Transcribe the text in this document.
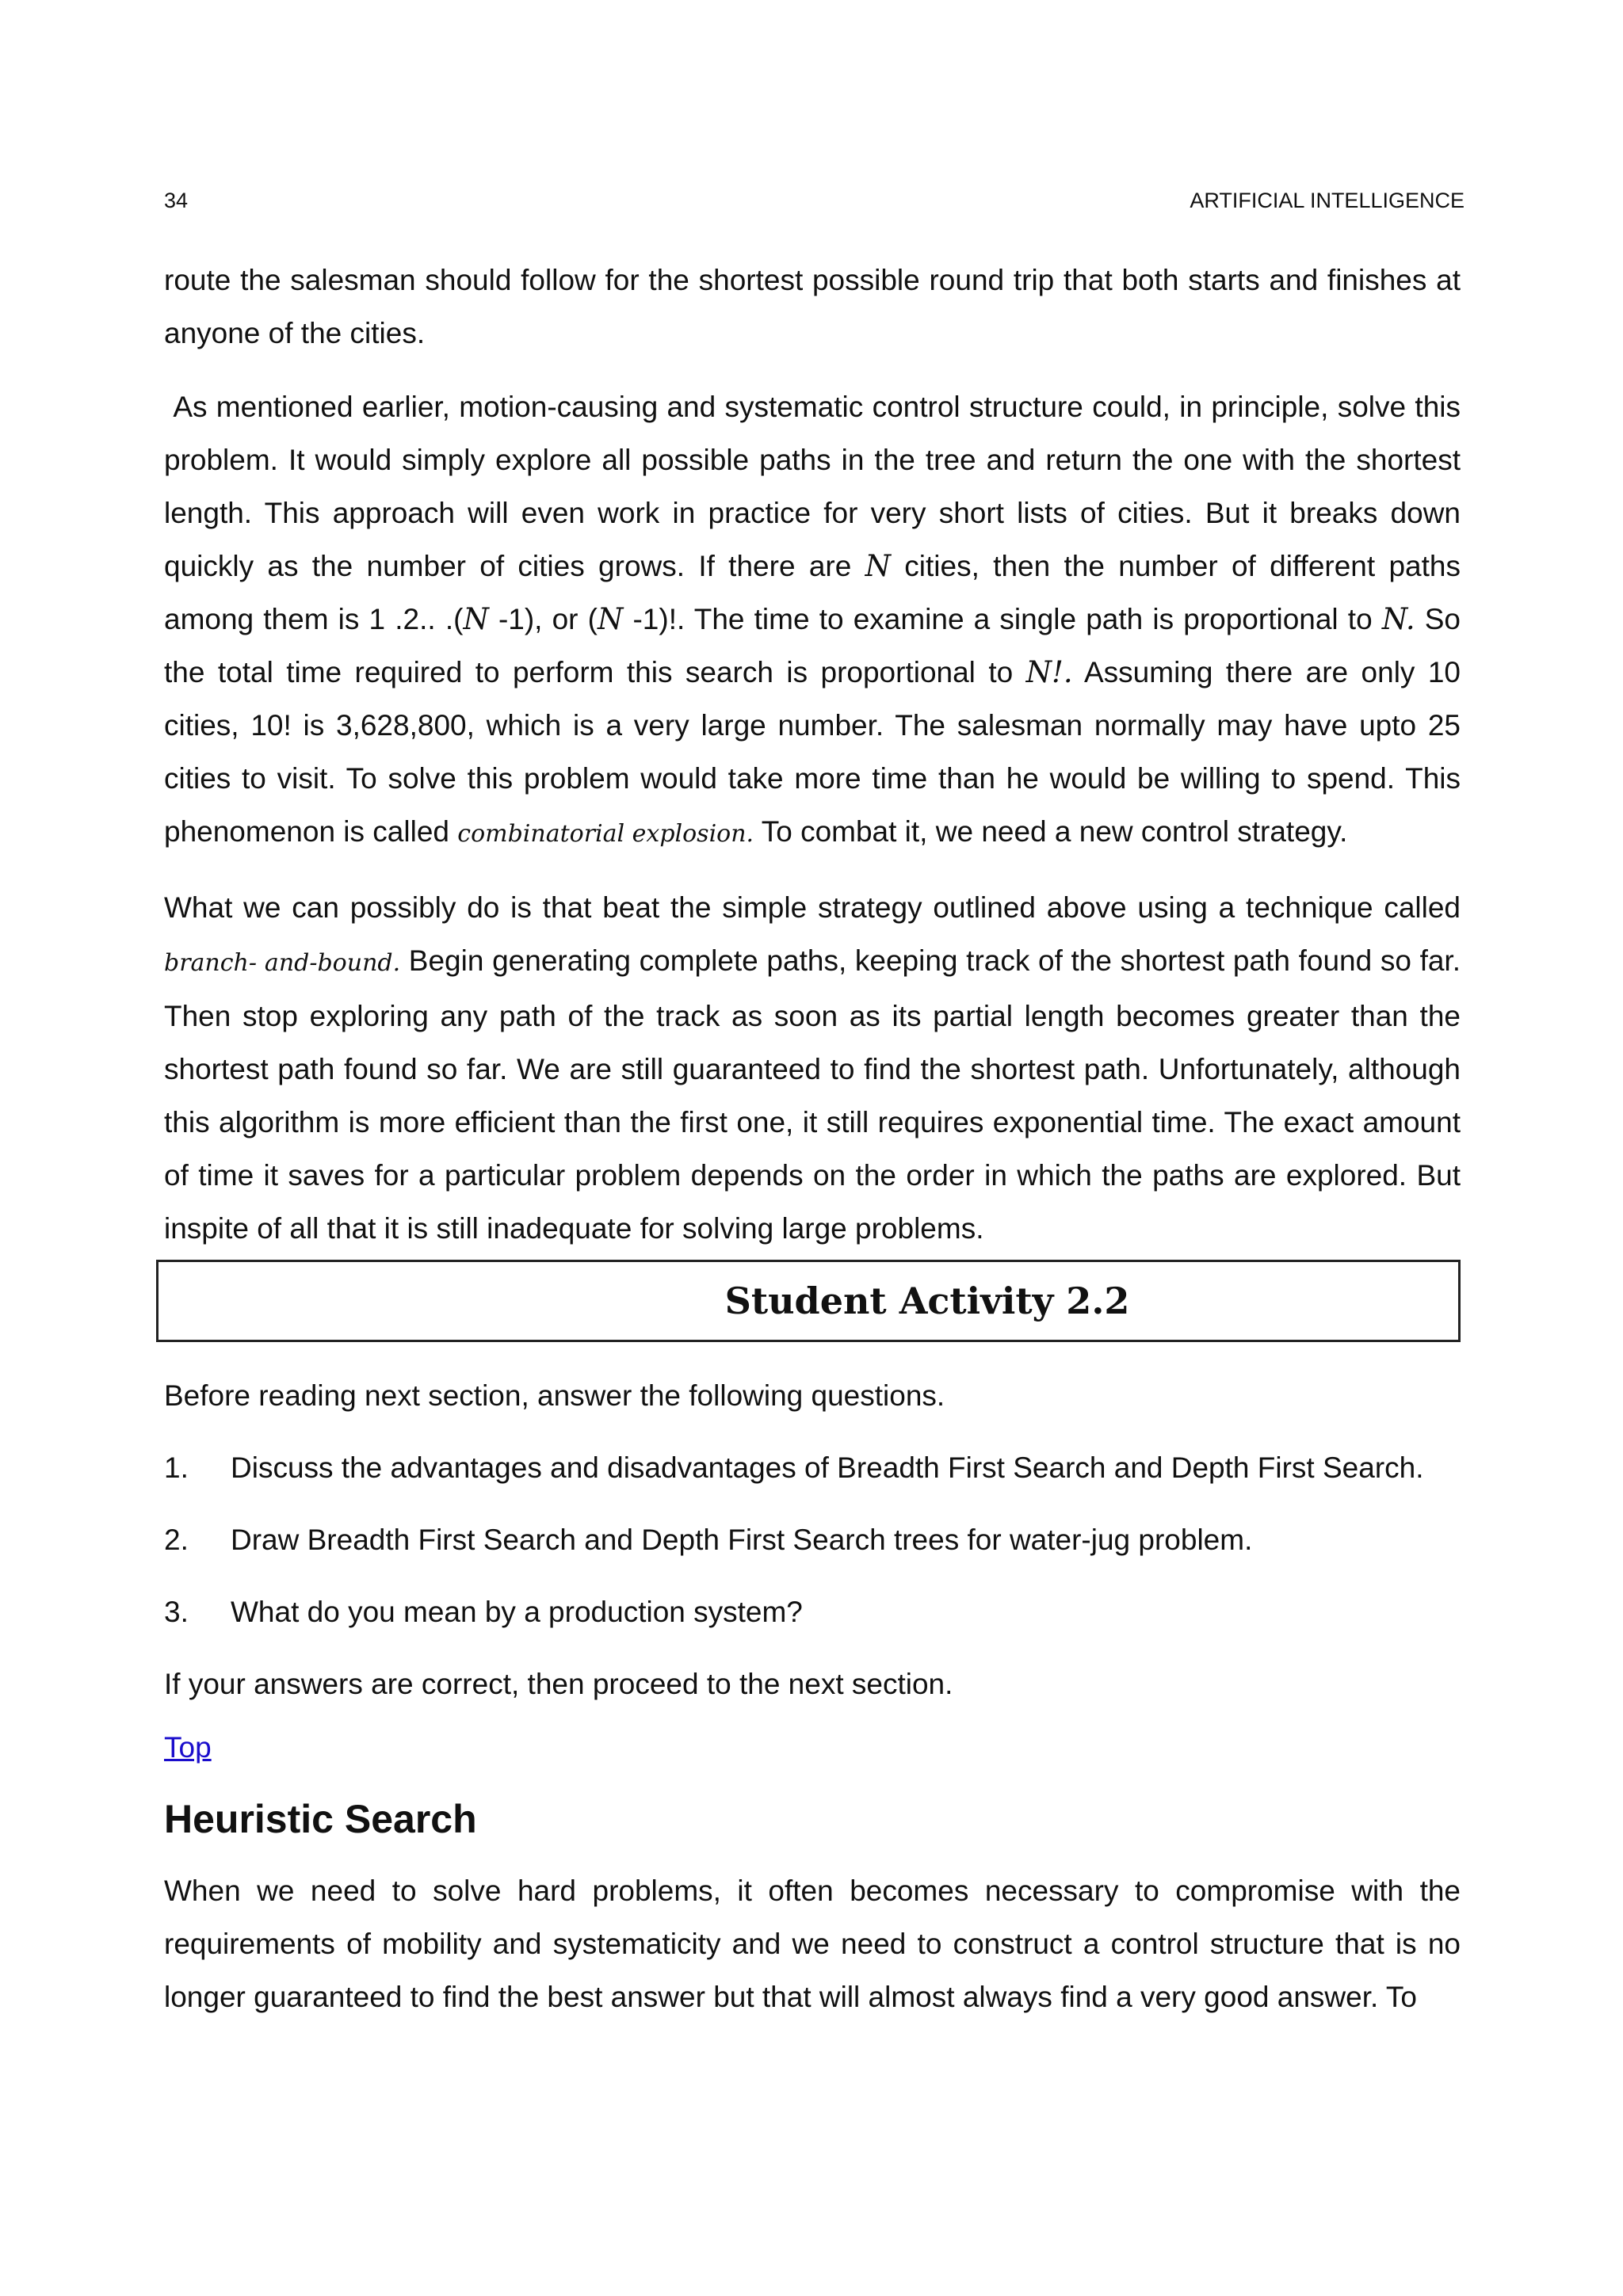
34	ARTIFICIAL INTELLIGENCE

route the salesman should follow for the shortest possible round trip that both starts and finishes at anyone of the cities.

As mentioned earlier, motion-causing and systematic control structure could, in principle, solve this problem. It would simply explore all possible paths in the tree and return the one with the shortest length. This approach will even work in practice for very short lists of cities. But it breaks down quickly as the number of cities grows. If there are N cities, then the number of different paths among them is 1 .2.. .(N -1), or (N -1)!. The time to examine a single path is proportional to N. So the total time required to perform this search is proportional to N!. Assuming there are only 10 cities, 10! is 3,628,800, which is a very large number. The salesman normally may have upto 25 cities to visit. To solve this problem would take more time than he would be willing to spend. This phenomenon is called combinatorial explosion. To combat it, we need a new control strategy.

What we can possibly do is that beat the simple strategy outlined above using a technique called branch- and-bound. Begin generating complete paths, keeping track of the shortest path found so far. Then stop exploring any path of the track as soon as its partial length becomes greater than the shortest path found so far. We are still guaranteed to find the shortest path. Unfortunately, although this algorithm is more efficient than the first one, it still requires exponential time. The exact amount of time it saves for a particular problem depends on the order in which the paths are explored. But inspite of all that it is still inadequate for solving large problems.

Student Activity 2.2

Before reading next section, answer the following questions.

1.	Discuss the advantages and disadvantages of Breadth First Search and Depth First Search.
2.	Draw Breadth First Search and Depth First Search trees for water-jug problem.
3.	What do you mean by a production system?

If your answers are correct, then proceed to the next section.

Top
Heuristic Search

When we need to solve hard problems, it often becomes necessary to compromise with the requirements of mobility and systematicity and we need to construct a control structure that is no longer guaranteed to find the best answer but that will almost always find a very good answer. To
